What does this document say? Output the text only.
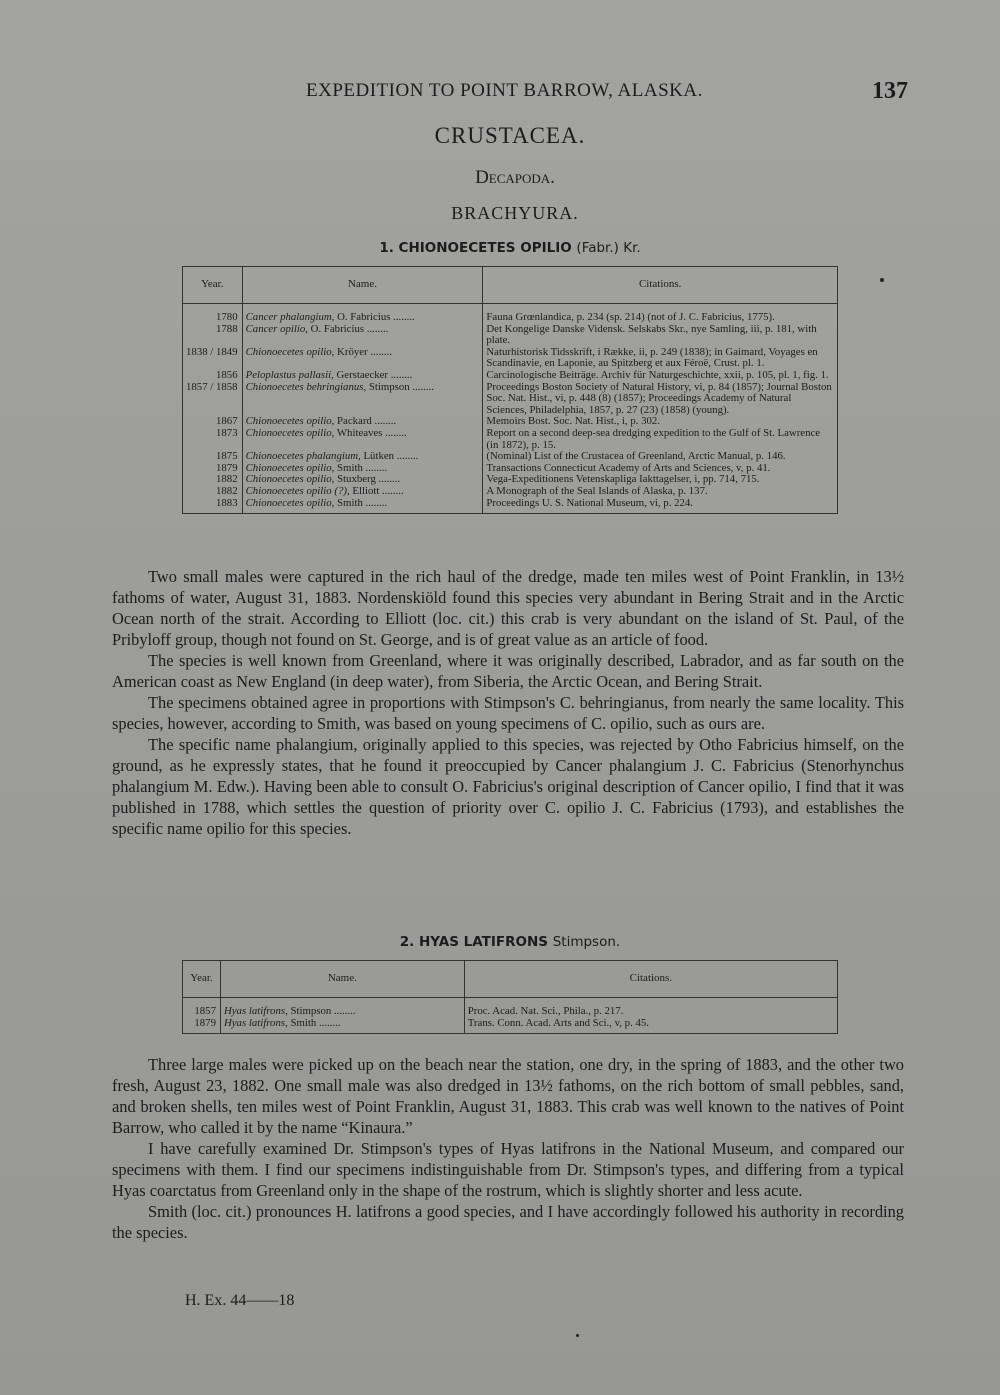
EXPEDITION TO POINT BARROW, ALASKA.	137
CRUSTACEA.
Decapoda.
BRACHYURA.
1. CHIONOECETES OPILIO (Fabr.) Kr.
Year.	Name.	Citations.
1780	Cancer phalangium, O. Fabricius ........	Fauna Grœnlandica, p. 234 (sp. 214) (not of J. C. Fabricius, 1775).
1788	Cancer opilio, O. Fabricius ........	Det Kongelige Danske Vidensk. Selskabs Skr., nye Samling, iii, p. 181, with plate.
1838 / 1849	Chionoecetes opilio, Kröyer ........	Naturhistorisk Tidsskrift, i Række, ii, p. 249 (1838); in Gaimard, Voyages en Scandinavie, en Laponie, au Spitzberg et aux Féroë, Crust. pl. 1.
1856	Peloplastus pallasii, Gerstaecker ........	Carcinologische Beiträge. Archiv für Naturgeschichte, xxii, p. 105, pl. 1, fig. 1.
1857 / 1858	Chionoecetes behringianus, Stimpson ........	Proceedings Boston Society of Natural History, vi, p. 84 (1857); Journal Boston Soc. Nat. Hist., vi, p. 448 (8) (1857); Proceedings Academy of Natural Sciences, Philadelphia, 1857, p. 27 (23) (1858) (young).
1867	Chionoecetes opilio, Packard ........	Memoirs Bost. Soc. Nat. Hist., i, p. 302.
1873	Chionoecetes opilio, Whiteaves ........	Report on a second deep-sea dredging expedition to the Gulf of St. Lawrence (in 1872), p. 15.
1875	Chionoecetes phalangium, Lütken ........	(Nominal) List of the Crustacea of Greenland, Arctic Manual, p. 146.
1879	Chionoecetes opilio, Smith ........	Transactions Connecticut Academy of Arts and Sciences, v, p. 41.
1882	Chionoecetes opilio, Stuxberg ........	Vega-Expeditionens Vetenskapliga Iakttagelser, i, pp. 714, 715.
1882	Chionoecetes opilio (?), Elliott ........	A Monograph of the Seal Islands of Alaska, p. 137.
1883	Chionoecetes opilio, Smith ........	Proceedings U. S. National Museum, vi, p. 224.

Two small males were captured in the rich haul of the dredge, made ten miles west of Point Franklin, in 13½ fathoms of water, August 31, 1883. Nordenskiöld found this species very abundant in Bering Strait and in the Arctic Ocean north of the strait. According to Elliott (loc. cit.) this crab is very abundant on the island of St. Paul, of the Pribyloff group, though not found on St. George, and is of great value as an article of food.

The species is well known from Greenland, where it was originally described, Labrador, and as far south on the American coast as New England (in deep water), from Siberia, the Arctic Ocean, and Bering Strait.

The specimens obtained agree in proportions with Stimpson's C. behringianus, from nearly the same locality. This species, however, according to Smith, was based on young specimens of C. opilio, such as ours are.

The specific name phalangium, originally applied to this species, was rejected by Otho Fabricius himself, on the ground, as he expressly states, that he found it preoccupied by Cancer phalangium J. C. Fabricius (Stenorhynchus phalangium M. Edw.). Having been able to consult O. Fabricius's original description of Cancer opilio, I find that it was published in 1788, which settles the question of priority over C. opilio J. C. Fabricius (1793), and establishes the specific name opilio for this species.

2. HYAS LATIFRONS Stimpson.
Year.	Name.	Citations.
1857	Hyas latifrons, Stimpson ........	Proc. Acad. Nat. Sci., Phila., p. 217.
1879	Hyas latifrons, Smith ........	Trans. Conn. Acad. Arts and Sci., v, p. 45.

Three large males were picked up on the beach near the station, one dry, in the spring of 1883, and the other two fresh, August 23, 1882. One small male was also dredged in 13½ fathoms, on the rich bottom of small pebbles, sand, and broken shells, ten miles west of Point Franklin, August 31, 1883. This crab was well known to the natives of Point Barrow, who called it by the name “Kinaura.”

I have carefully examined Dr. Stimpson's types of Hyas latifrons in the National Museum, and compared our specimens with them. I find our specimens indistinguishable from Dr. Stimpson's types, and differing from a typical Hyas coarctatus from Greenland only in the shape of the rostrum, which is slightly shorter and less acute.

Smith (loc. cit.) pronounces H. latifrons a good species, and I have accordingly followed his authority in recording the species.

H. Ex. 44——18
